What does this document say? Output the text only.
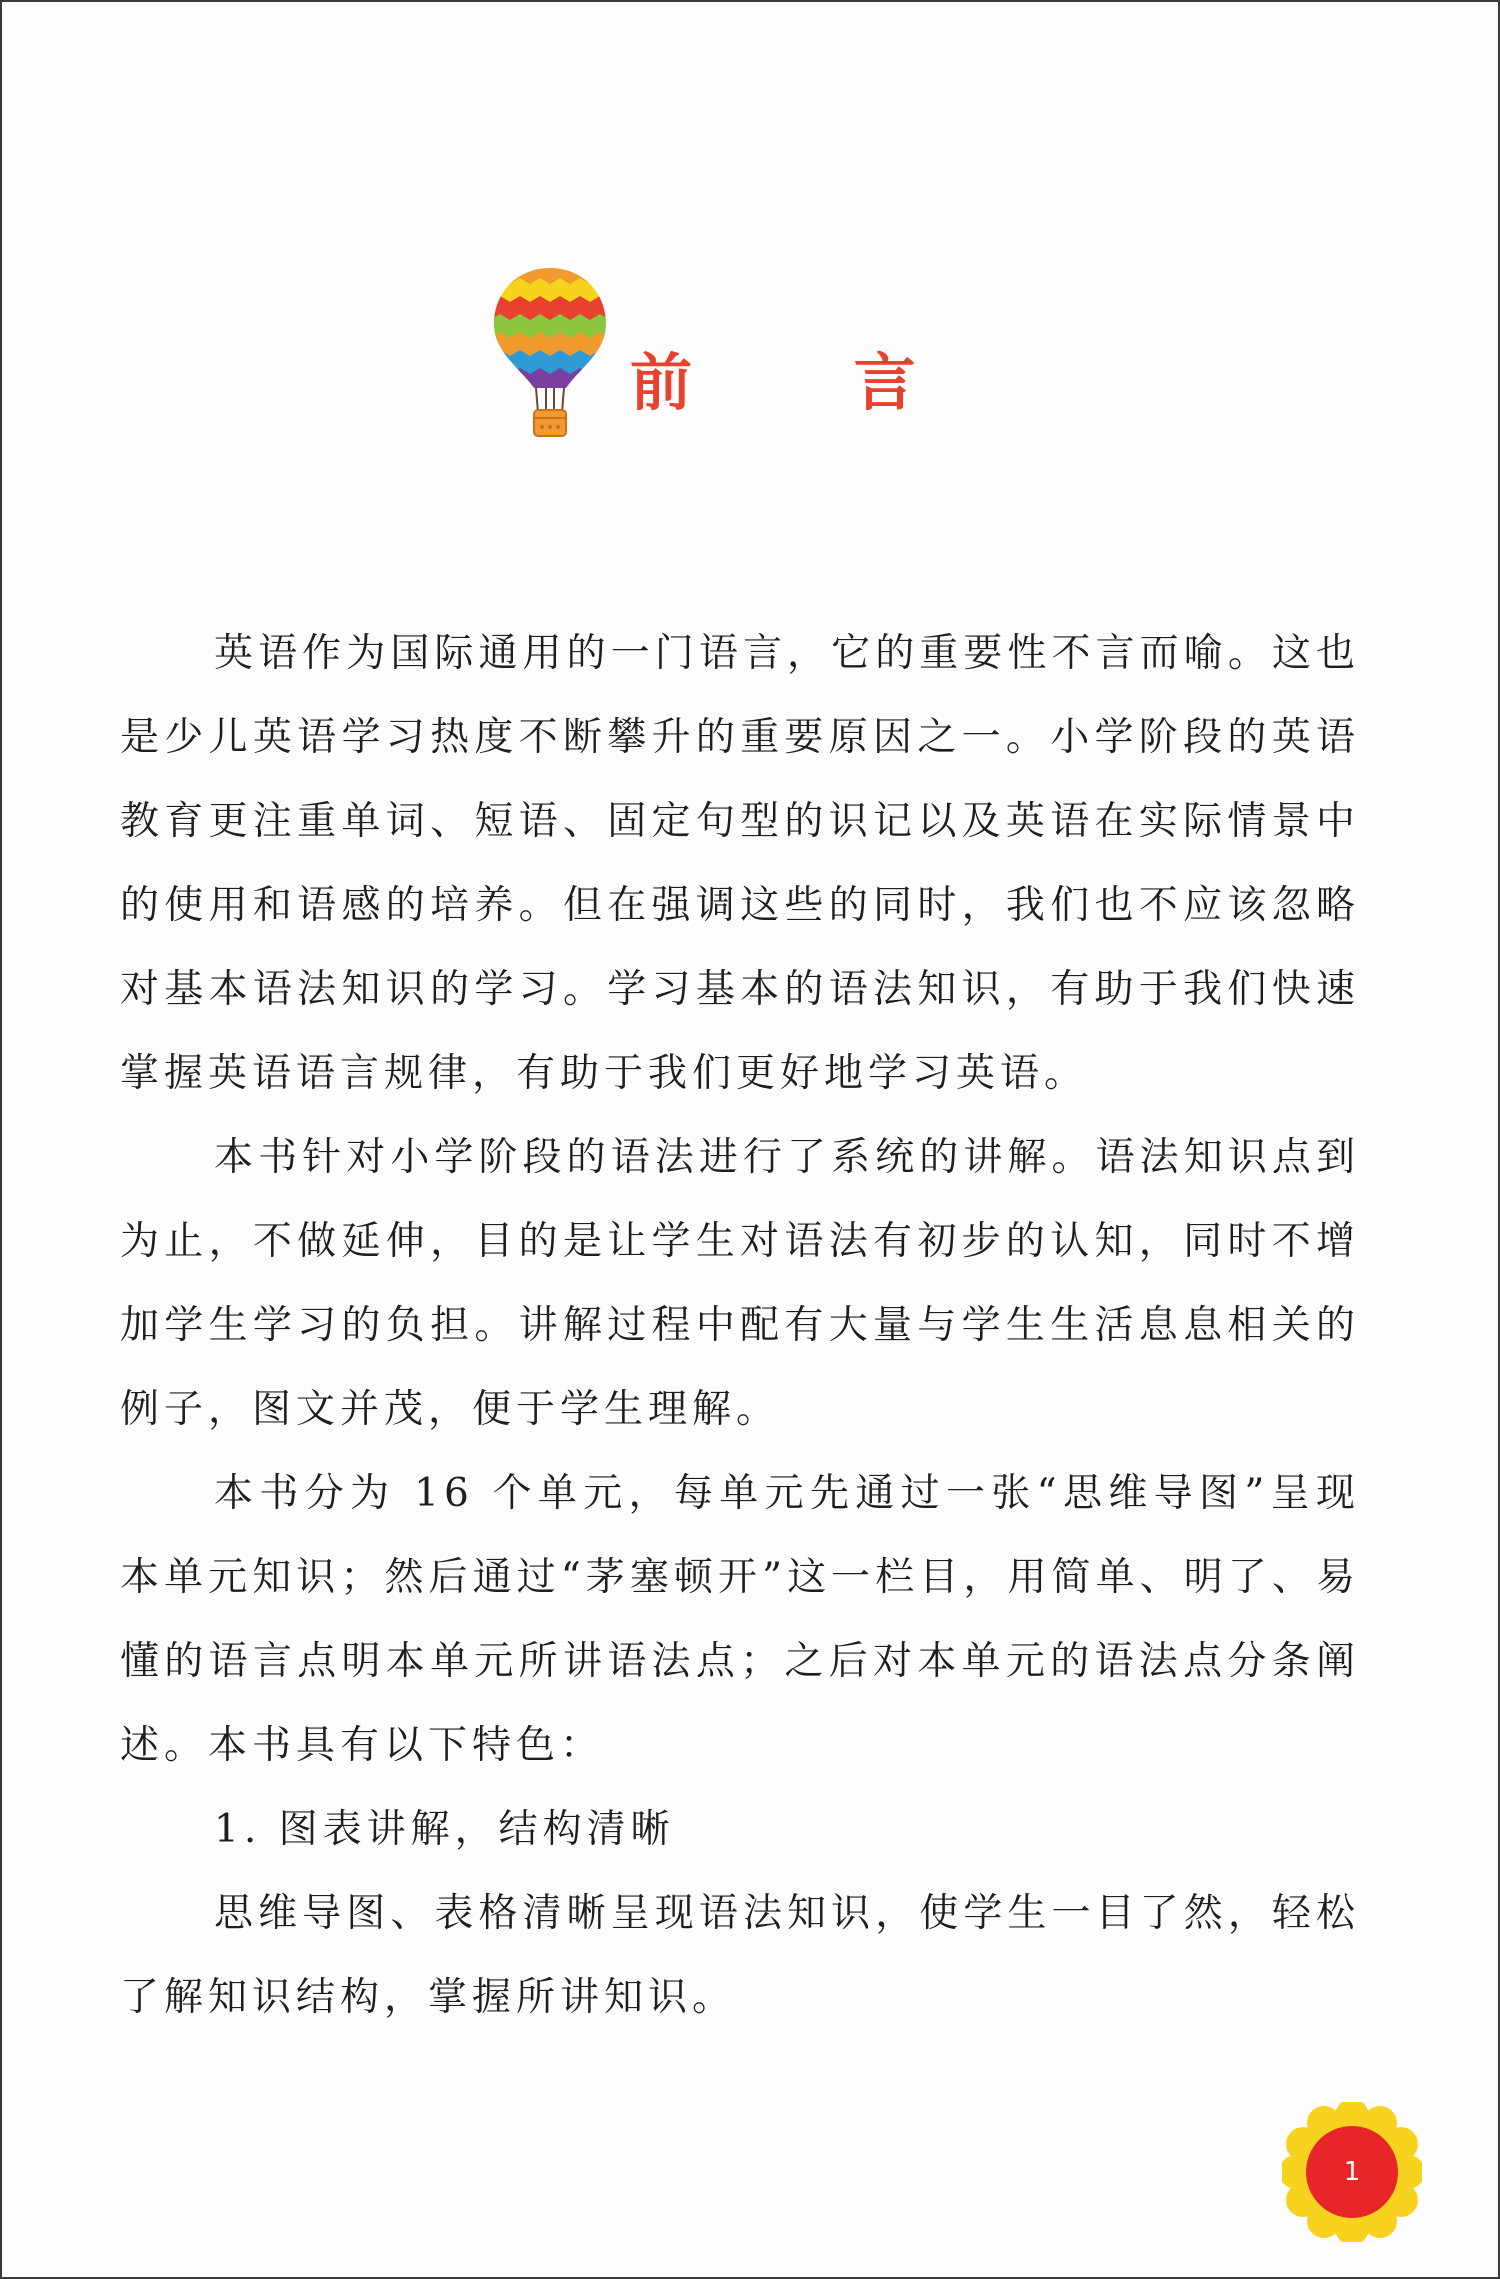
前 言

英语作为国际通用的一门语言，它的重要性不言而喻。这也是少儿英语学习热度不断攀升的重要原因之一。小学阶段的英语教育更注重单词、短语、固定句型的识记以及英语在实际情景中的使用和语感的培养。但在强调这些的同时，我们也不应该忽略对基本语法知识的学习。学习基本的语法知识，有助于我们快速掌握英语语言规律，有助于我们更好地学习英语。

本书针对小学阶段的语法进行了系统的讲解。语法知识点到为止，不做延伸，目的是让学生对语法有初步的认知，同时不增加学生学习的负担。讲解过程中配有大量与学生生活息息相关的例子，图文并茂，便于学生理解。

本书分为 16 个单元，每单元先通过一张“思维导图”呈现本单元知识；然后通过“茅塞顿开”这一栏目，用简单、明了、易懂的语言点明本单元所讲语法点；之后对本单元的语法点分条阐述。本书具有以下特色：

1. 图表讲解，结构清晰

思维导图、表格清晰呈现语法知识，使学生一目了然，轻松了解知识结构，掌握所讲知识。

1
